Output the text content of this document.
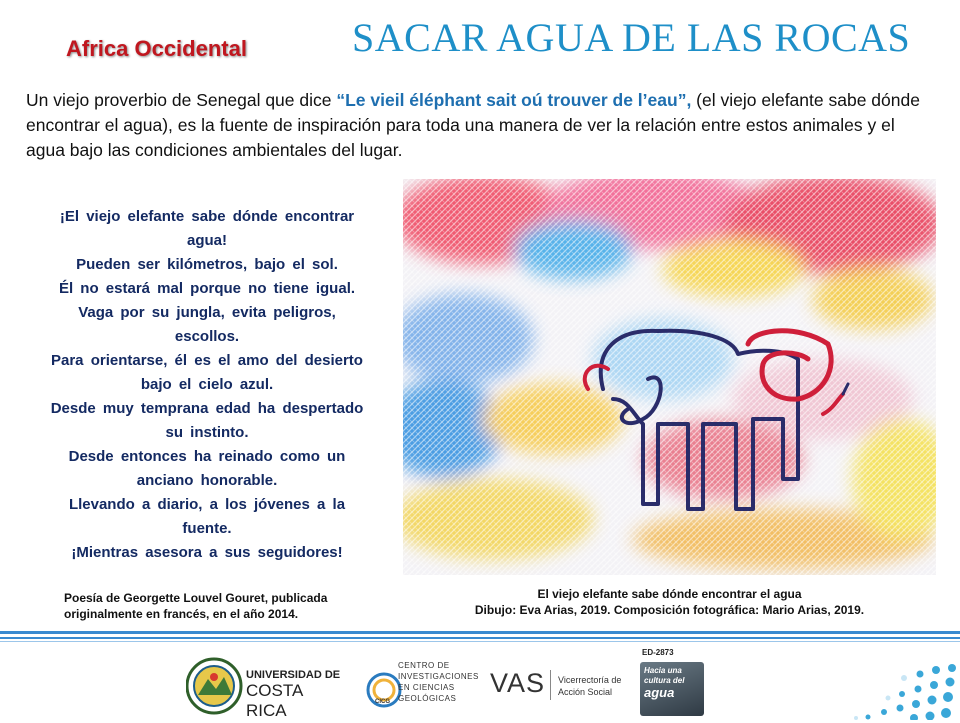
Africa Occidental	SACAR AGUA DE LAS ROCAS
Un viejo proverbio de Senegal que dice “Le vieil éléphant sait oú trouver de l’eau”, (el viejo elefante sabe dónde encontrar el agua), es la fuente de inspiración para toda una manera de ver la relación entre estos animales y el agua bajo las condiciones ambientales del lugar.
¡El viejo elefante sabe dónde encontrar
agua!
Pueden ser kilómetros, bajo el sol.
Él no estará mal porque no tiene igual.
Vaga por su jungla, evita peligros,
escollos.
Para orientarse, él es el amo del desierto
bajo el cielo azul.
Desde muy temprana edad ha despertado
su instinto.
Desde entonces ha reinado como un
anciano honorable.
Llevando a diario, a los jóvenes a la
fuente.
¡Mientras asesora a sus seguidores!
Poesía de Georgette Louvel Gouret, publicada
originalmente en francés, en el año 2014.
El viejo elefante sabe dónde encontrar el agua
Dibujo: Eva Arias, 2019. Composición fotográfica: Mario Arias, 2019.
UNIVERSIDAD DE
COSTA RICA	CICG
CENTRO DE
INVESTIGACIONES
EN CIENCIAS
GEOLÓGICAS
VAS Vicerrectoría de
Acción Social
ED-2873
Hacia una
cultura del
agua
